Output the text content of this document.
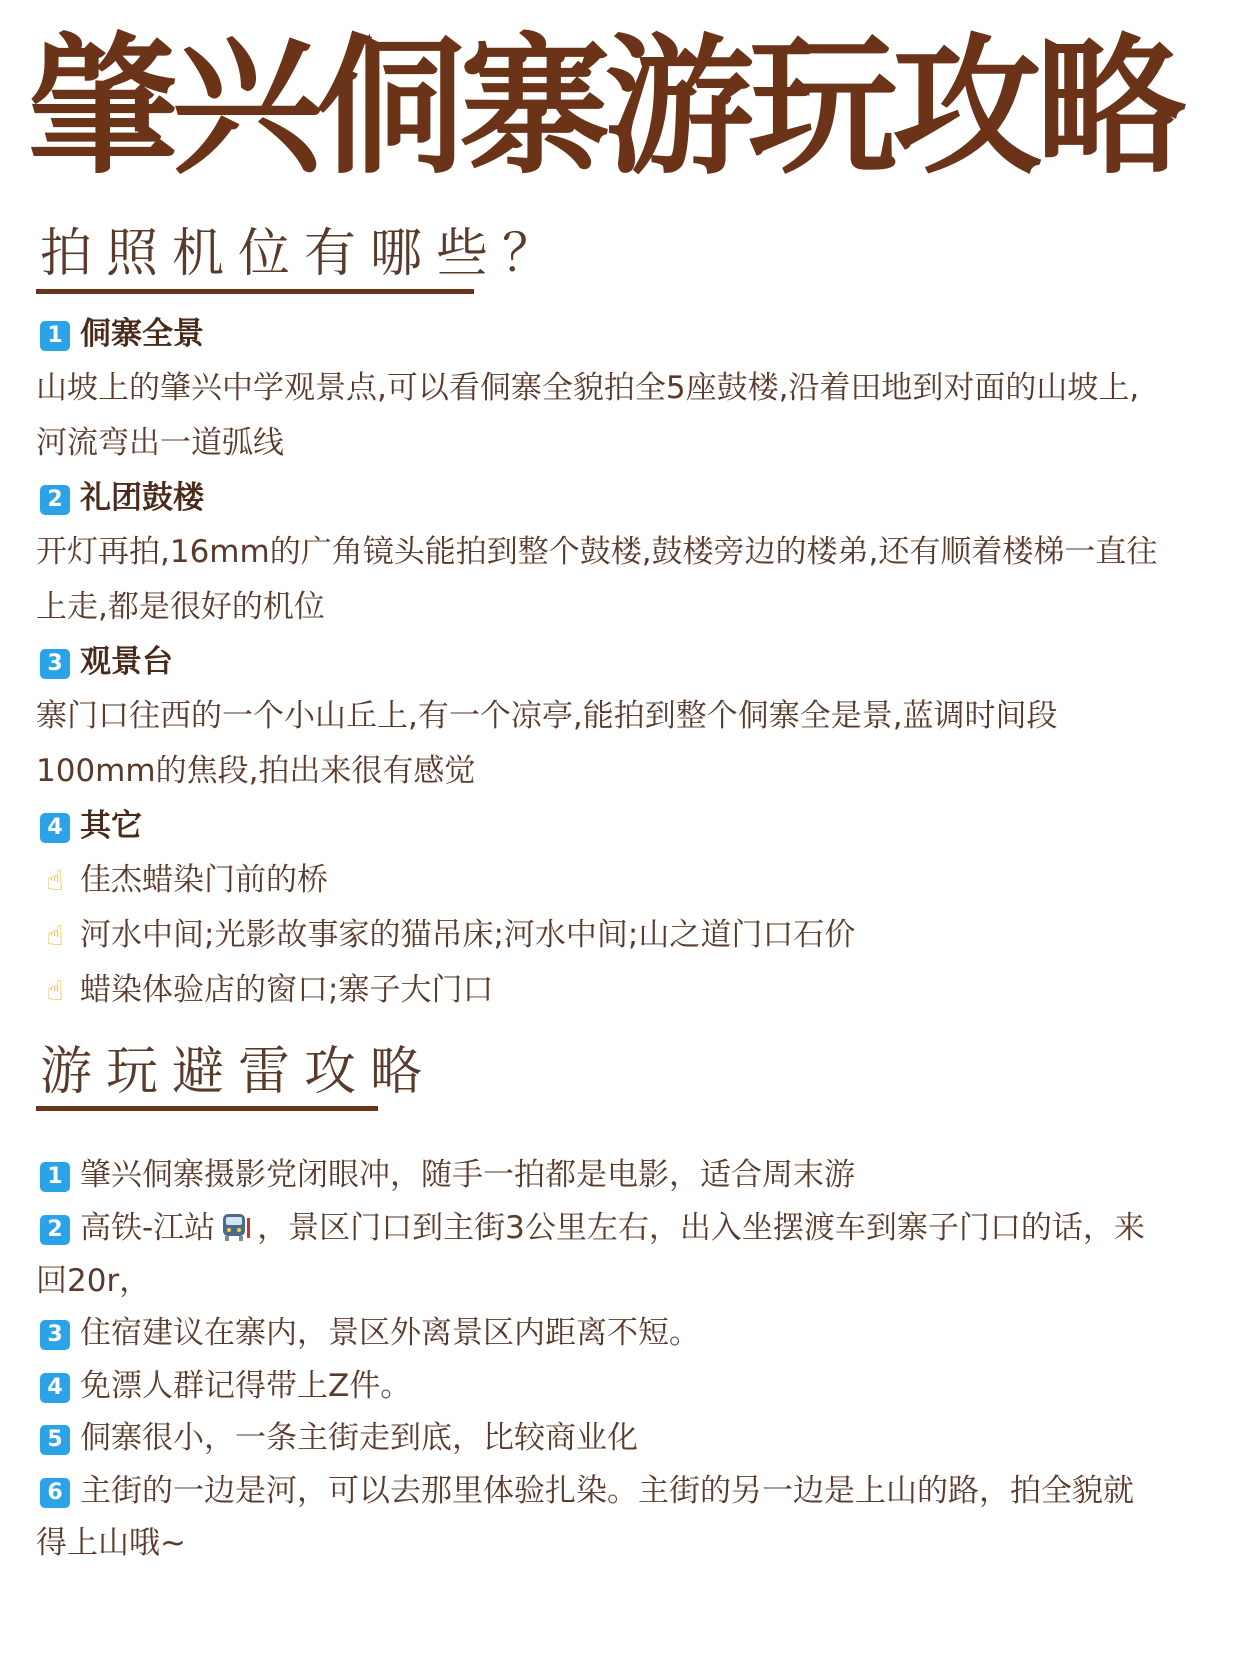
肇兴侗寨游玩攻略
拍照机位有哪些？
1 侗寨全景
山坡上的肇兴中学观景点,可以看侗寨全貌拍全5座鼓楼,沿着田地到对面的山坡上,
河流弯出一道弧线
2 礼团鼓楼
开灯再拍,16mm的广角镜头能拍到整个鼓楼,鼓楼旁边的楼弟,还有顺着楼梯一直往
上走,都是很好的机位
3 观景台
寨门口往西的一个小山丘上,有一个凉亭,能拍到整个侗寨全是景,蓝调时间段
100mm的焦段,拍出来很有感觉
4 其它
☝ 佳杰蜡染门前的桥
☝ 河水中间;光影故事家的猫吊床;河水中间;山之道门口石价
☝ 蜡染体验店的窗口;寨子大门口
游玩避雷攻略
1 肇兴侗寨摄影党闭眼冲，随手一拍都是电影，适合周末游
2 高铁-江站 ，景区门口到主街3公里左右，出入坐摆渡车到寨子门口的话，来
回20r，
3 住宿建议在寨内，景区外离景区内距离不短。
4 免漂人群记得带上Z件。
5 侗寨很小，一条主街走到底，比较商业化
6 主街的一边是河，可以去那里体验扎染。主街的另一边是上山的路，拍全貌就
得上山哦~
